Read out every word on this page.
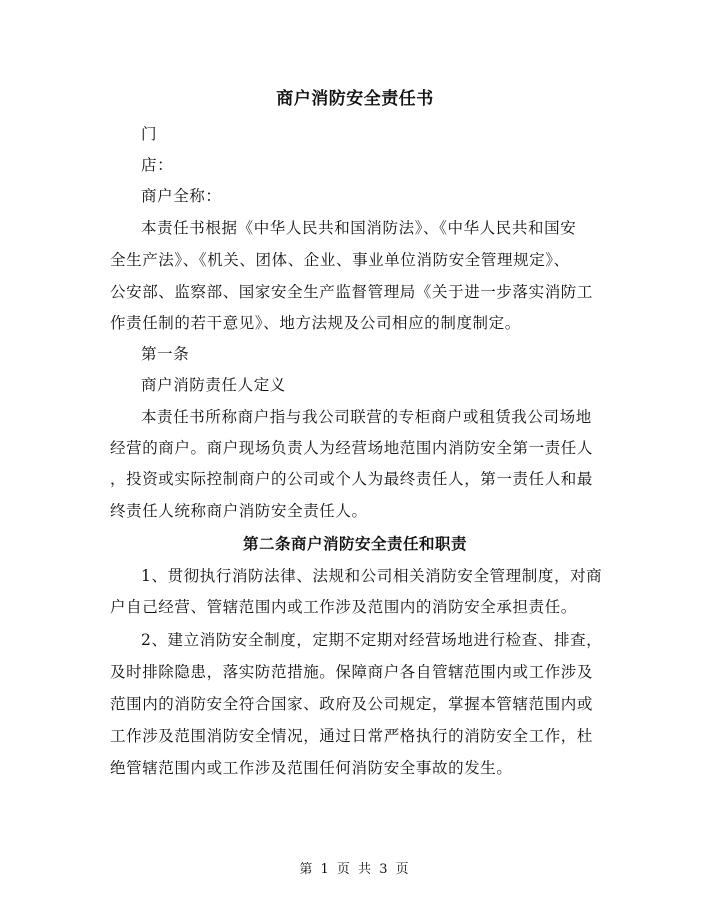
商户消防安全责任书
门
店：
商户全称：
本责任书根据《中华人民共和国消防法》、《中华人民共和国安
全生产法》、《机关、团体、企业、事业单位消防安全管理规定》、
公安部、监察部、国家安全生产监督管理局《关于进一步落实消防工
作责任制的若干意见》、地方法规及公司相应的制度制定。
第一条
商户消防责任人定义
本责任书所称商户指与我公司联营的专柜商户或租赁我公司场地
经营的商户。商户现场负责人为经营场地范围内消防安全第一责任人
，投资或实际控制商户的公司或个人为最终责任人，第一责任人和最
终责任人统称商户消防安全责任人。
第二条商户消防安全责任和职责
1、贯彻执行消防法律、法规和公司相关消防安全管理制度，对商
户自己经营、管辖范围内或工作涉及范围内的消防安全承担责任。
2、建立消防安全制度，定期不定期对经营场地进行检查、排查，
及时排除隐患，落实防范措施。保障商户各自管辖范围内或工作涉及
范围内的消防安全符合国家、政府及公司规定，掌握本管辖范围内或
工作涉及范围消防安全情况，通过日常严格执行的消防安全工作，杜
绝管辖范围内或工作涉及范围任何消防安全事故的发生。
第 1 页 共 3 页
